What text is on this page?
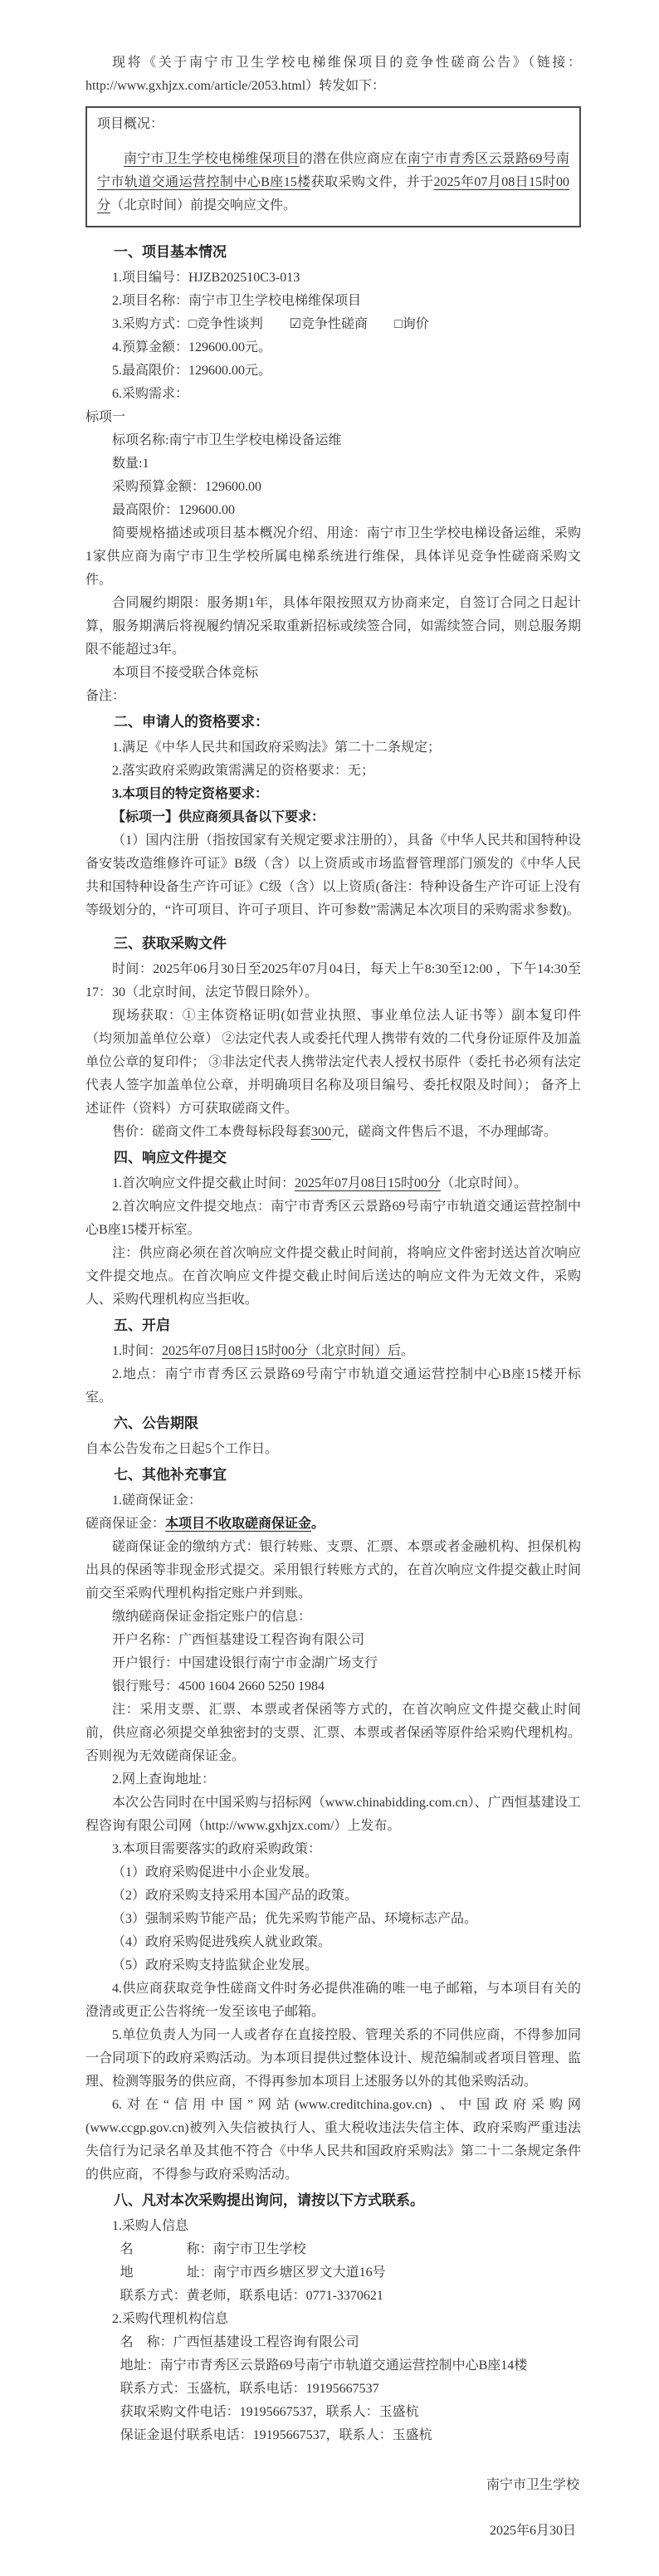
现将《关于南宁市卫生学校电梯维保项目的竞争性磋商公告》（链接：http://www.gxhjzx.com/article/2053.html）转发如下：
项目概况：
南宁市卫生学校电梯维保项目的潜在供应商应在南宁市青秀区云景路69号南宁市轨道交通运营控制中心B座15楼获取采购文件，并于2025年07月08日15时00分（北京时间）前提交响应文件。
一、项目基本情况
1.项目编号：HJZB202510C3-013
2.项目名称：南宁市卫生学校电梯维保项目
3.采购方式：□竞争性谈判　　☑竞争性磋商　　□询价
4.预算金额：129600.00元。
5.最高限价：129600.00元。
6.采购需求：
标项一
标项名称:南宁市卫生学校电梯设备运维
数量:1
采购预算金额：129600.00
最高限价：129600.00
简要规格描述或项目基本概况介绍、用途：南宁市卫生学校电梯设备运维，采购1家供应商为南宁市卫生学校所属电梯系统进行维保，具体详见竞争性磋商采购文件。
合同履约期限：服务期1年，具体年限按照双方协商来定，自签订合同之日起计算，服务期满后将视履约情况采取重新招标或续签合同，如需续签合同，则总服务期限不能超过3年。
本项目不接受联合体竞标
备注：
二、申请人的资格要求：
1.满足《中华人民共和国政府采购法》第二十二条规定；
2.落实政府采购政策需满足的资格要求：无；
3.本项目的特定资格要求：
【标项一】供应商须具备以下要求：
（1）国内注册（指按国家有关规定要求注册的），具备《中华人民共和国特种设备安装改造维修许可证》B级（含）以上资质或市场监督管理部门颁发的《中华人民共和国特种设备生产许可证》C级（含）以上资质(备注：特种设备生产许可证上没有等级划分的，“许可项目、许可子项目、许可参数”需满足本次项目的采购需求参数)。
三、获取采购文件
时间：2025年06月30日至2025年07月04日，每天上午8:30至12:00 ，下午14:30至17：30（北京时间，法定节假日除外）。
现场获取：①主体资格证明(如营业执照、事业单位法人证书等）副本复印件（均须加盖单位公章） ②法定代表人或委托代理人携带有效的二代身份证原件及加盖单位公章的复印件； ③非法定代表人携带法定代表人授权书原件（委托书必须有法定代表人签字加盖单位公章，并明确项目名称及项目编号、委托权限及时间）； 备齐上述证件（资料）方可获取磋商文件。
售价：磋商文件工本费每标段每套300元，磋商文件售后不退，不办理邮寄。
四、响应文件提交
1.首次响应文件提交截止时间：2025年07月08日15时00分（北京时间）。
2.首次响应文件提交地点：南宁市青秀区云景路69号南宁市轨道交通运营控制中心B座15楼开标室。
注：供应商必须在首次响应文件提交截止时间前，将响应文件密封送达首次响应文件提交地点。在首次响应文件提交截止时间后送达的响应文件为无效文件，采购人、采购代理机构应当拒收。
五、开启
1.时间：2025年07月08日15时00分（北京时间）后。
2.地点：南宁市青秀区云景路69号南宁市轨道交通运营控制中心B座15楼开标室。
六、公告期限
自本公告发布之日起5个工作日。
七、其他补充事宜
1.磋商保证金：
磋商保证金：本项目不收取磋商保证金。
磋商保证金的缴纳方式：银行转账、支票、汇票、本票或者金融机构、担保机构出具的保函等非现金形式提交。采用银行转账方式的，在首次响应文件提交截止时间前交至采购代理机构指定账户并到账。
缴纳磋商保证金指定账户的信息：
开户名称：广西恒基建设工程咨询有限公司
开户银行：中国建设银行南宁市金湖广场支行
银行账号：4500 1604 2660 5250 1984
注：采用支票、汇票、本票或者保函等方式的，在首次响应文件提交截止时间前，供应商必须提交单独密封的支票、汇票、本票或者保函等原件给采购代理机构。否则视为无效磋商保证金。
2.网上查询地址：
本次公告同时在中国采购与招标网（www.chinabidding.com.cn）、广西恒基建设工程咨询有限公司网（http://www.gxhjzx.com/）上发布。
3.本项目需要落实的政府采购政策：
（1）政府采购促进中小企业发展。
（2）政府采购支持采用本国产品的政策。
（3）强制采购节能产品；优先采购节能产品、环境标志产品。
（4）政府采购促进残疾人就业政策。
（5）政府采购支持监狱企业发展。
4.供应商获取竞争性磋商文件时务必提供准确的唯一电子邮箱，与本项目有关的澄清或更正公告将统一发至该电子邮箱。
5.单位负责人为同一人或者存在直接控股、管理关系的不同供应商，不得参加同一合同项下的政府采购活动。为本项目提供过整体设计、规范编制或者项目管理、监理、检测等服务的供应商，不得再参加本项目上述服务以外的其他采购活动。
6.对在“信用中国”网站(www.creditchina.gov.cn) 、中国政府采购网(www.ccgp.gov.cn)被列入失信被执行人、重大税收违法失信主体、政府采购严重违法失信行为记录名单及其他不符合《中华人民共和国政府采购法》第二十二条规定条件的供应商，不得参与政府采购活动。
八、凡对本次采购提出询问，请按以下方式联系。
1.采购人信息
名　　　　称：南宁市卫生学校
地　　　　址：南宁市西乡塘区罗文大道16号
联系方式：黄老师，联系电话：0771-3370621
2.采购代理机构信息
名　称：广西恒基建设工程咨询有限公司
地址：南宁市青秀区云景路69号南宁市轨道交通运营控制中心B座14楼
联系方式：玉盛杭，联系电话：19195667537
获取采购文件电话：19195667537，联系人：玉盛杭
保证金退付联系电话：19195667537，联系人：玉盛杭
南宁市卫生学校
2025年6月30日
